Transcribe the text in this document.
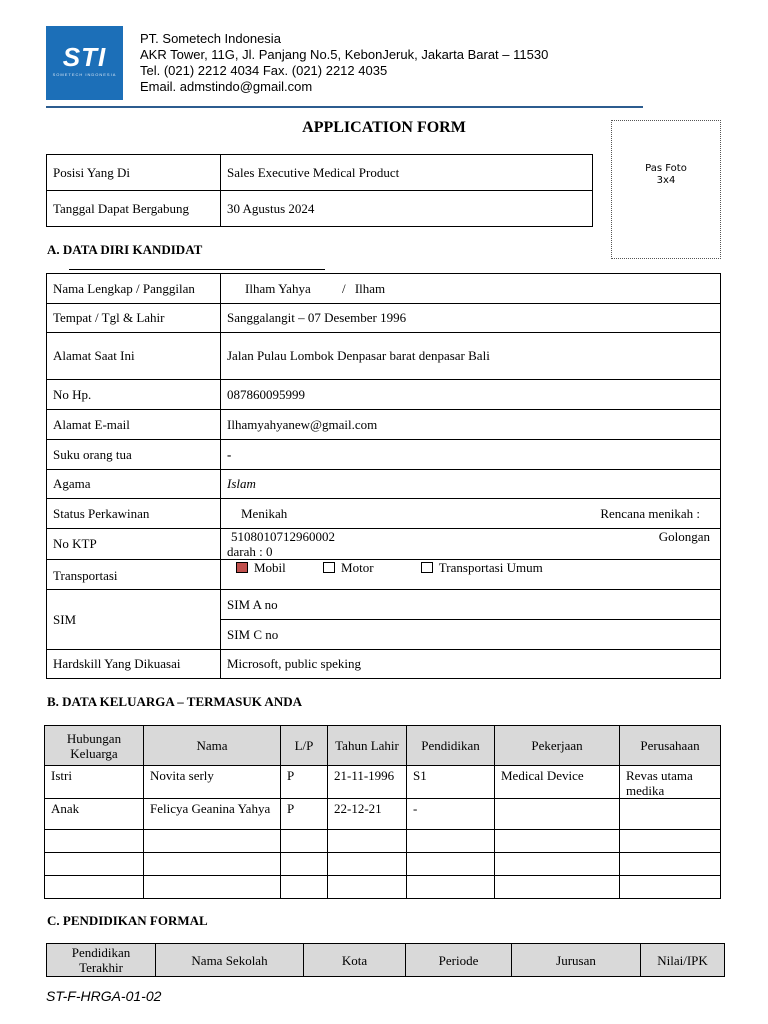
STI
SOMETECH INDONESIA
PT. Sometech Indonesia
AKR Tower, 11G, Jl. Panjang No.5, KebonJeruk, Jakarta Barat – 11530
Tel. (021) 2212 4034 Fax. (021) 2212 4035
Email. admstindo@gmail.com
APPLICATION FORM
Pas Foto
3x4
Posisi Yang Di	Sales Executive Medical Product
Tanggal Dapat Bergabung	30 Agustus 2024
A. DATA DIRI KANDIDAT
Nama Lengkap / Panggilan	Ilham Yahya / Ilham
Tempat / Tgl & Lahir	Sanggalangit – 07 Desember 1996
Alamat Saat Ini	Jalan Pulau Lombok Denpasar barat denpasar Bali
No Hp.	087860095999
Alamat E-mail	Ilhamyahyanew@gmail.com
Suku orang tua	-
Agama	Islam
Status Perkawinan	Menikah Rencana menikah :

No KTP	5108010712960002 Golongan
darah : 0

Transportasi	Mobil Motor Transportasi Umum
SIM	SIM A no
	SIM C no
Hardskill Yang Dikuasai	Microsoft, public speking
B. DATA KELUARGA – TERMASUK ANDA
Hubungan Keluarga	Nama	L/P	Tahun Lahir	Pendidikan	Pekerjaan	Perusahaan
Istri	Novita serly	P	21-11-1996	S1	Medical Device	Revas utama medika
Anak	Felicya Geanina Yahya	P	22-12-21	-		

C. PENDIDIKAN FORMAL
Pendidikan Terakhir	Nama Sekolah	Kota	Periode	Jurusan	Nilai/IPK
ST-F-HRGA-01-02
